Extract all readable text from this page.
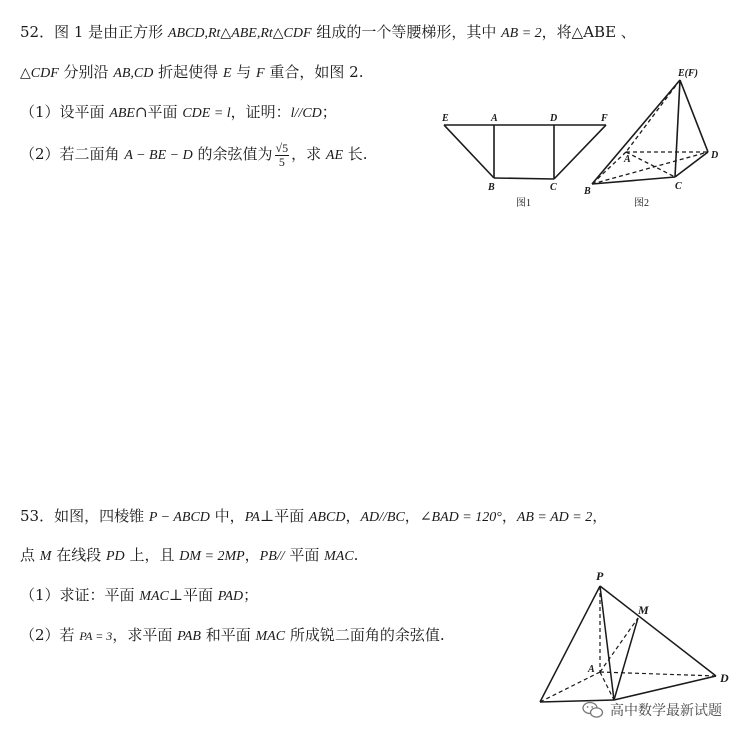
52．图 1 是由正方形 ABCD,Rt△ABE,Rt△CDF 组成的一个等腰梯形，其中 AB = 2，将△ABE 、
△CDF 分别沿 AB,CD 折起使得 E 与 F 重合，如图 2.
（1）设平面 ABE∩平面 CDE = l，证明：l//CD；
（2）若二面角 A − BE − D 的余弦值为 $\frac{√5}{5}$ ，求 AE 长.
E	A	D	F
B	C
图1
E(F)
A	D
B	C
图2
53．如图，四棱锥 P − ABCD 中，PA⊥平面 ABCD，AD//BC，∠BAD = 120°，AB = AD = 2，
点 M 在线段 PD 上，且 DM = 2MP，PB// 平面 MAC.
（1）求证：平面 MAC⊥平面 PAD；
（2）若 PA = 3，求平面 PAB 和平面 MAC 所成锐二面角的余弦值.
P
M
A
D
高中数学最新试题
